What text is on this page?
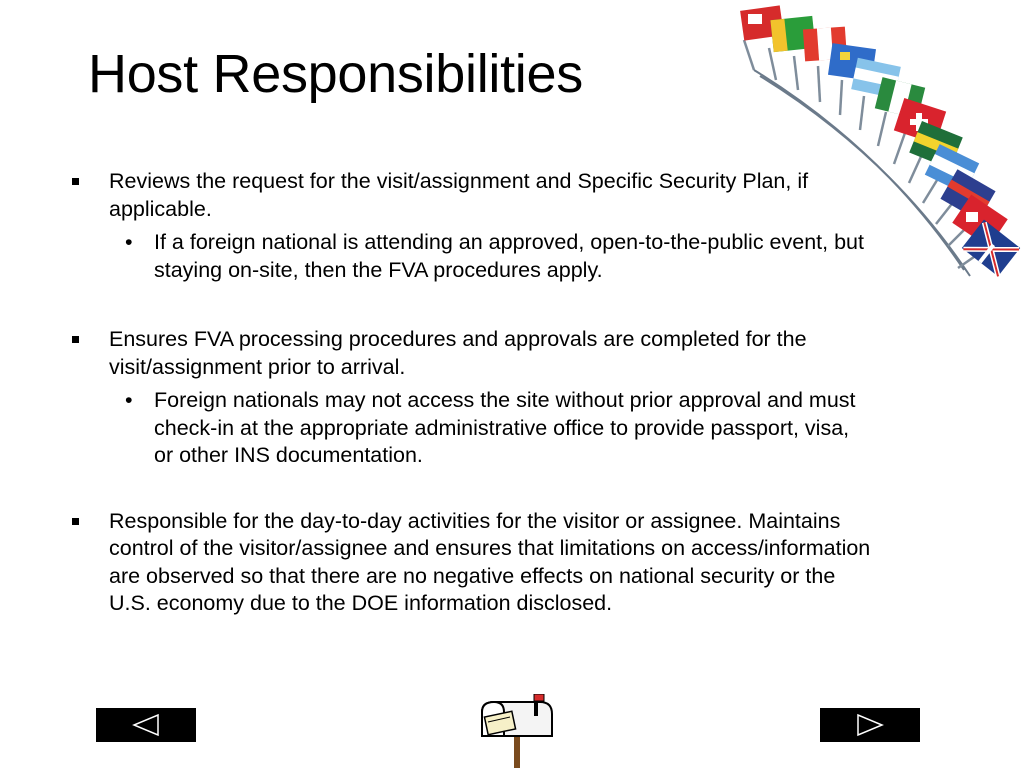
Host Responsibilities
Reviews the request for the visit/assignment and Specific Security Plan, if applicable.
• If a foreign national is attending an approved, open-to-the-public event, but staying on-site, then the FVA procedures apply.
Ensures FVA processing procedures and approvals are completed for the visit/assignment prior to arrival.
• Foreign nationals may not access the site without prior approval and must check-in at the appropriate administrative office to provide passport, visa, or other INS documentation.
Responsible for the day-to-day activities for the visitor or assignee. Maintains control of the visitor/assignee and ensures that limitations on access/information are observed so that there are no negative effects on national security or the U.S. economy due to the DOE information disclosed.
